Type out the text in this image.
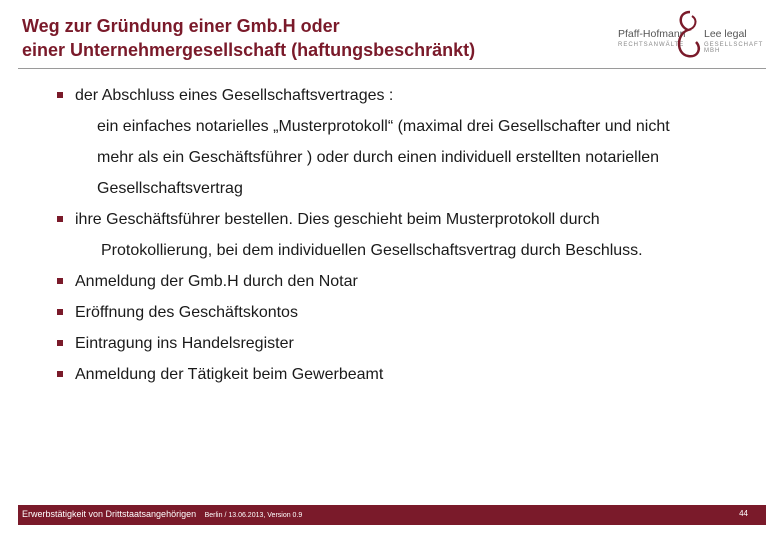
Weg zur Gründung einer Gmb.H oder
einer Unternehmergesellschaft (haftungsbeschränkt)
Pfaff-Hofmann
RECHTSANWÄLTE
Lee legal
GESELLSCHAFT MBH
der Abschluss eines Gesellschaftsvertrages :
ein einfaches notarielles „Musterprotokoll“ (maximal drei Gesellschafter und nicht
mehr als ein Geschäftsführer ) oder durch einen individuell erstellten notariellen
Gesellschaftsvertrag
ihre Geschäftsführer bestellen. Dies geschieht beim Musterprotokoll durch
Protokollierung, bei dem individuellen Gesellschaftsvertrag durch Beschluss.
Anmeldung der Gmb.H durch den Notar
Eröffnung des Geschäftskontos
Eintragung ins Handelsregister
Anmeldung der Tätigkeit beim Gewerbeamt
Erwerbstätigkeit von Drittstaatsangehörigen Berlin / 13.06.2013, Version 0.9	44
